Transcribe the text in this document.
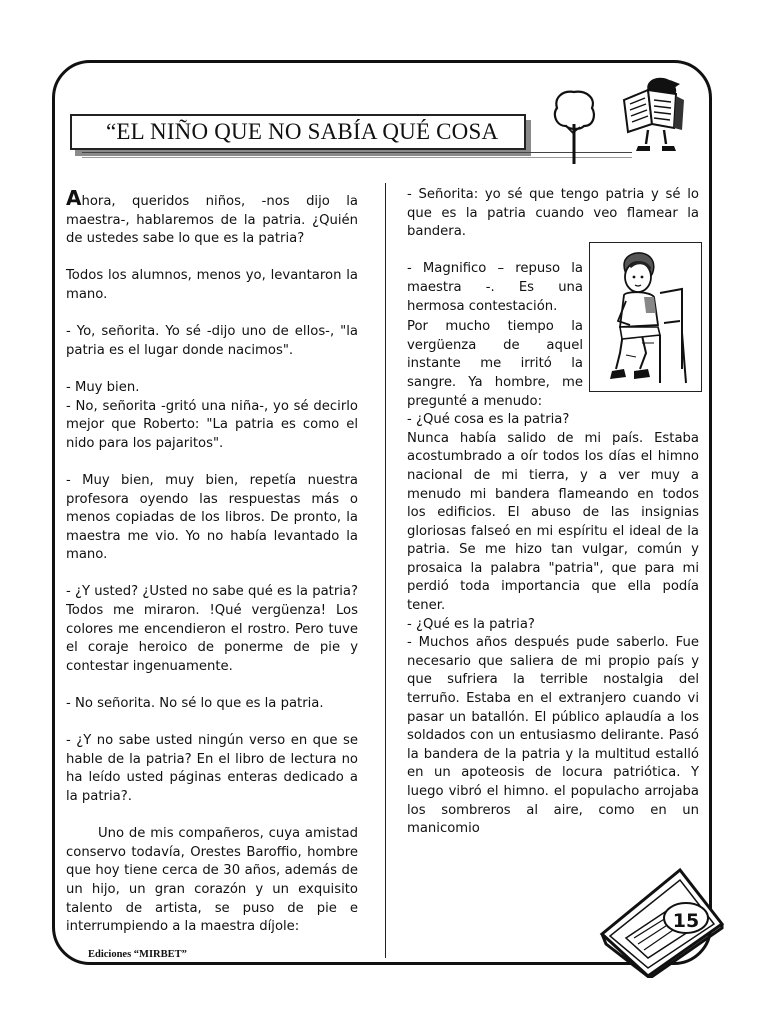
“EL NIÑO QUE NO SABÍA QUÉ COSA

Ahora, queridos niños, -nos dijo la maestra-, hablaremos de la patria. ¿Quién de ustedes sabe lo que es la patria?

Todos los alumnos, menos yo, levantaron la mano.

- Yo, señorita. Yo sé -dijo uno de ellos-, "la patria es el lugar donde nacimos".

- Muy bien.
- No, señorita -gritó una niña-, yo sé decirlo mejor que Roberto: "La patria es como el nido para los pajaritos".

- Muy bien, muy bien, repetía nuestra profesora oyendo las respuestas más o menos copiadas de los libros. De pronto, la maestra me vio. Yo no había levantado la mano.

- ¿Y usted? ¿Usted no sabe qué es la patria? Todos me miraron. !Qué vergüenza! Los colores me encendieron el rostro. Pero tuve el coraje heroico de ponerme de pie y contestar ingenuamente.

- No señorita. No sé lo que es la patria.

- ¿Y no sabe usted ningún verso en que se hable de la patria? En el libro de lectura no ha leído usted páginas enteras dedicado a la patria?.

Uno de mis compañeros, cuya amistad conservo todavía, Orestes Baroffio, hombre que hoy tiene cerca de 30 años, además de un hijo, un gran corazón y un exquisito talento de artista, se puso de pie e interrumpiendo a la maestra díjole:

- Señorita: yo sé que tengo patria y sé lo que es la patria cuando veo flamear la bandera.

- Magnifico – repuso la maestra -. Es una hermosa contestación.

Por mucho tiempo la vergüenza de aquel instante me irritó la sangre. Ya hombre, me pregunté a menudo:
- ¿Qué cosa es la patria?
Nunca había salido de mi país. Estaba acostumbrado a oír todos los días el himno nacional de mi tierra, y a ver muy a menudo mi bandera flameando en todos los edificios. El abuso de las insignias gloriosas falseó en mi espíritu el ideal de la patria. Se me hizo tan vulgar, común y prosaica la palabra "patria", que para mi perdió toda importancia que ella podía tener.
- ¿Qué es la patria?
- Muchos años después pude saberlo. Fue necesario que saliera de mi propio país y que sufriera la terrible nostalgia del terruño. Estaba en el extranjero cuando vi pasar un batallón. El público aplaudía a los soldados con un entusiasmo delirante. Pasó la bandera de la patria y la multitud estalló en un apoteosis de locura patriótica. Y luego vibró el himno. el populacho arrojaba los sombreros al aire, como en un manicomio
15
Ediciones “MIRBET”
